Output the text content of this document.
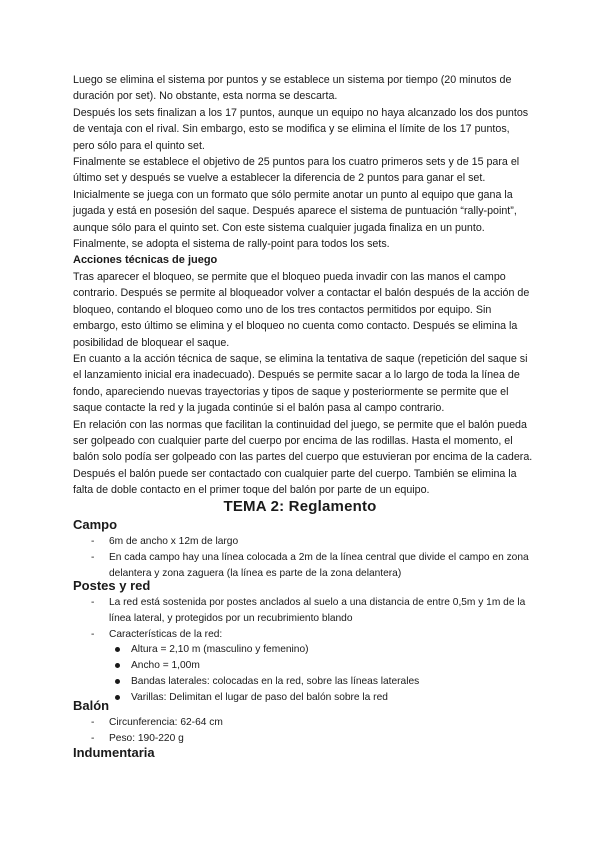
Luego se elimina el sistema por puntos y se establece un sistema por tiempo (20 minutos de duración por set). No obstante, esta norma se descarta.

Después los sets finalizan a los 17 puntos, aunque un equipo no haya alcanzado los dos puntos de ventaja con el rival. Sin embargo, esto se modifica y se elimina el límite de los 17 puntos, pero sólo para el quinto set.

Finalmente se establece el objetivo de 25 puntos para los cuatro primeros sets y de 15 para el último set y después se vuelve a establecer la diferencia de 2 puntos para ganar el set.

Inicialmente se juega con un formato que sólo permite anotar un punto al equipo que gana la jugada y está en posesión del saque. Después aparece el sistema de puntuación “rally-point”, aunque sólo para el quinto set. Con este sistema cualquier jugada finaliza en un punto. Finalmente, se adopta el sistema de rally-point para todos los sets.

Acciones técnicas de juego

Tras aparecer el bloqueo, se permite que el bloqueo pueda invadir con las manos el campo contrario. Después se permite al bloqueador volver a contactar el balón después de la acción de bloqueo, contando el bloqueo como uno de los tres contactos permitidos por equipo. Sin embargo, esto último se elimina y el bloqueo no cuenta como contacto. Después se elimina la posibilidad de bloquear el saque.

En cuanto a la acción técnica de saque, se elimina la tentativa de saque (repetición del saque si el lanzamiento inicial era inadecuado). Después se permite sacar a lo largo de toda la línea de fondo, apareciendo nuevas trayectorias y tipos de saque y posteriormente se permite que el saque contacte la red y la jugada continúe si el balón pasa al campo contrario.

En relación con las normas que facilitan la continuidad del juego, se permite que el balón pueda ser golpeado con cualquier parte del cuerpo por encima de las rodillas. Hasta el momento, el balón solo podía ser golpeado con las partes del cuerpo que estuvieran por encima de la cadera. Después el balón puede ser contactado con cualquier parte del cuerpo. También se elimina la falta de doble contacto en el primer toque del balón por parte de un equipo.

TEMA 2: Reglamento
Campo
- 6m de ancho x 12m de largo
- En cada campo hay una línea colocada a 2m de la línea central que divide el campo en zona delantera y zona zaguera (la línea es parte de la zona delantera)
Postes y red
- La red está sostenida por postes anclados al suelo a una distancia de entre 0,5m y 1m de la línea lateral, y protegidos por un recubrimiento blando
- Características de la red:
Altura = 2,10 m (masculino y femenino)
Ancho = 1,00m
Bandas laterales: colocadas en la red, sobre las líneas laterales
Varillas: Delimitan el lugar de paso del balón sobre la red
Balón
- Circunferencia: 62-64 cm
- Peso: 190-220 g
Indumentaria
